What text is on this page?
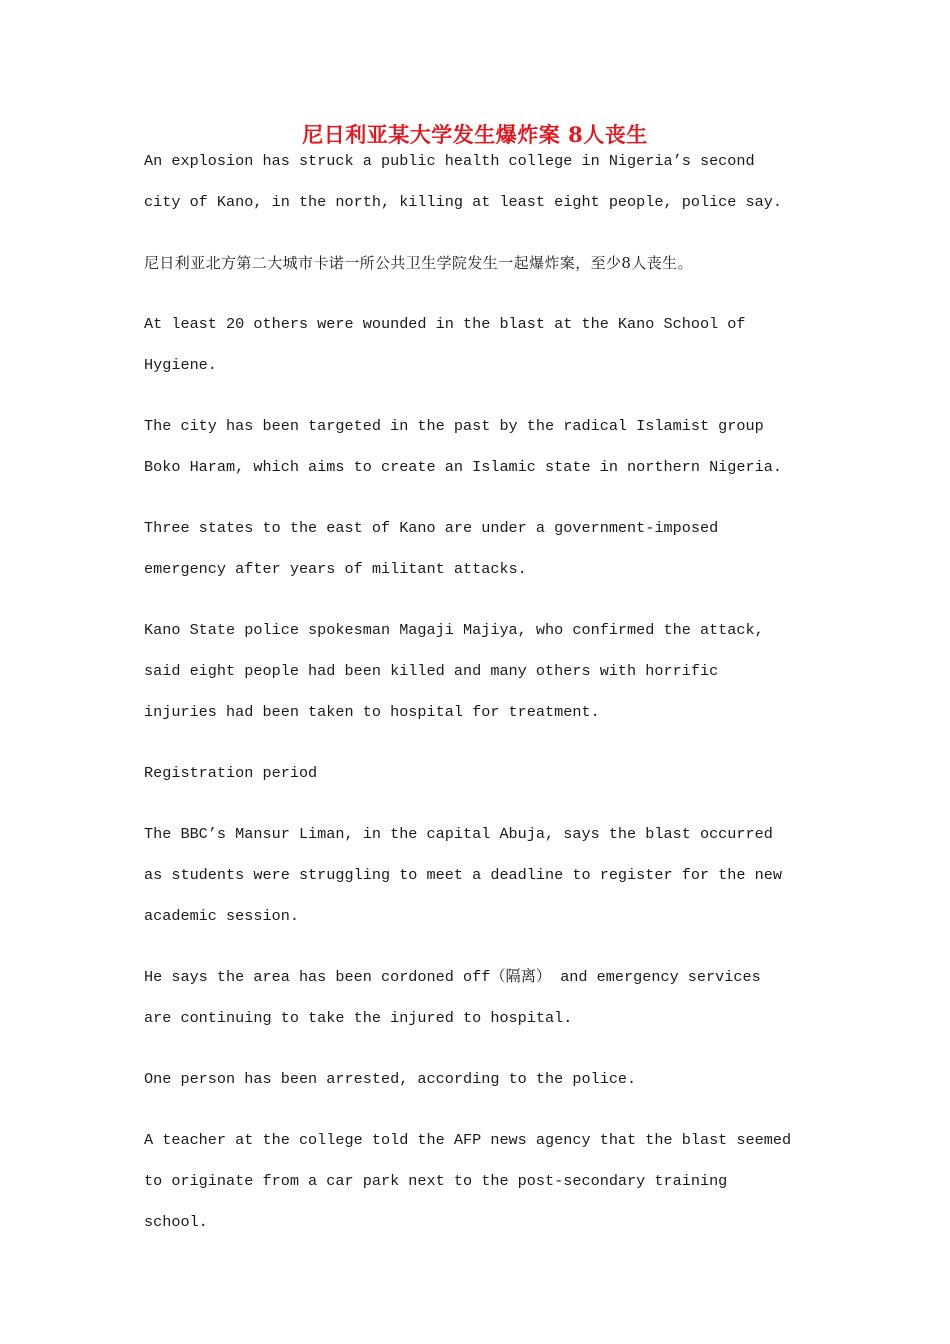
尼日利亚某大学发生爆炸案 8人丧生

An explosion has struck a public health college in Nigeria’s second city of Kano, in the north, killing at least eight people, police say.

尼日利亚北方第二大城市卡诺一所公共卫生学院发生一起爆炸案，至少8人丧生。

At least 20 others were wounded in the blast at the Kano School of Hygiene.

The city has been targeted in the past by the radical Islamist group Boko Haram, which aims to create an Islamic state in northern Nigeria.

Three states to the east of Kano are under a government-imposed emergency after years of militant attacks.

Kano State police spokesman Magaji Majiya, who confirmed the attack, said eight people had been killed and many others with horrific injuries had been taken to hospital for treatment.

Registration period

The BBC’s Mansur Liman, in the capital Abuja, says the blast occurred as students were struggling to meet a deadline to register for the new academic session.

He says the area has been cordoned off（隔离） and emergency services are continuing to take the injured to hospital.

One person has been arrested, according to the police.

A teacher at the college told the AFP news agency that the blast seemed to originate from a car park next to the post-secondary training school.
